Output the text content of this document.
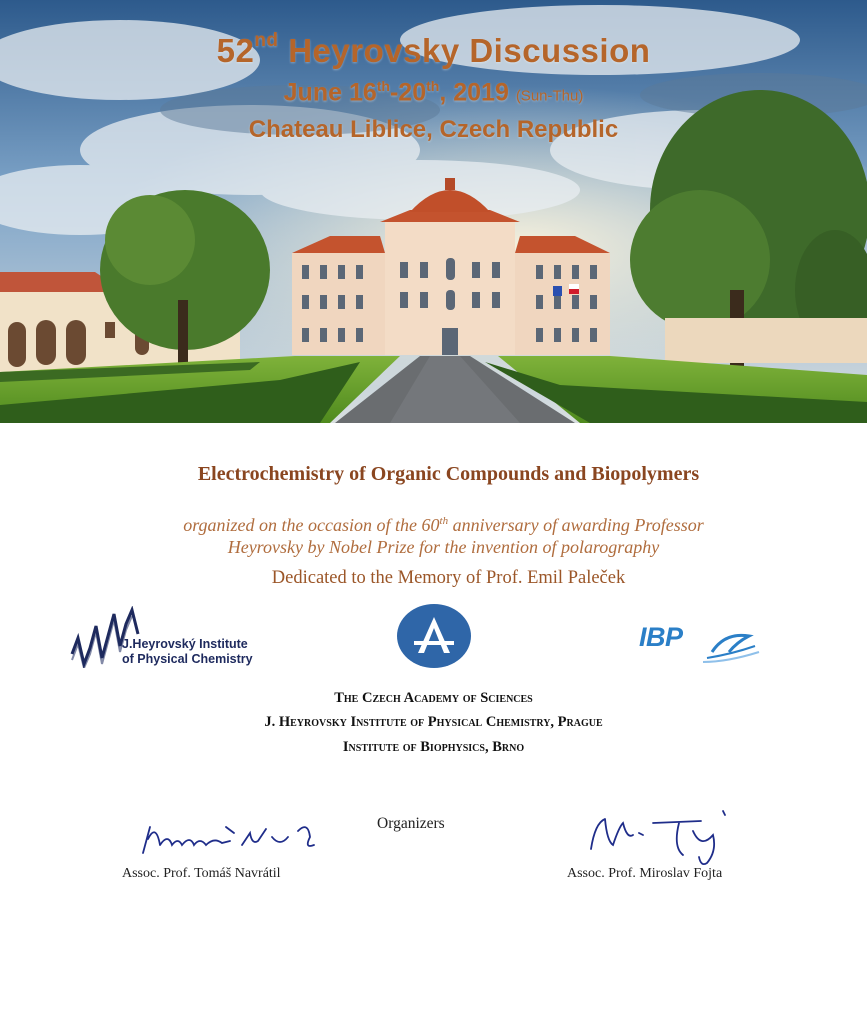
52nd Heyrovsky Discussion
June 16th-20th, 2019 (Sun-Thu)
Chateau Liblice, Czech Republic
Electrochemistry of Organic Compounds and Biopolymers
organized on the occasion of the 60th anniversary of awarding Professor
Heyrovsky by Nobel Prize for the invention of polarography
Dedicated to the Memory of Prof. Emil Paleček
J.Heyrovský Institute
of Physical Chemistry
IBP
The Czech Academy of Sciences
J. Heyrovsky Institute of Physical Chemistry, Prague
Institute of Biophysics, Brno
Organizers
Assoc. Prof. Tomáš Navrátil	Assoc. Prof. Miroslav Fojta
